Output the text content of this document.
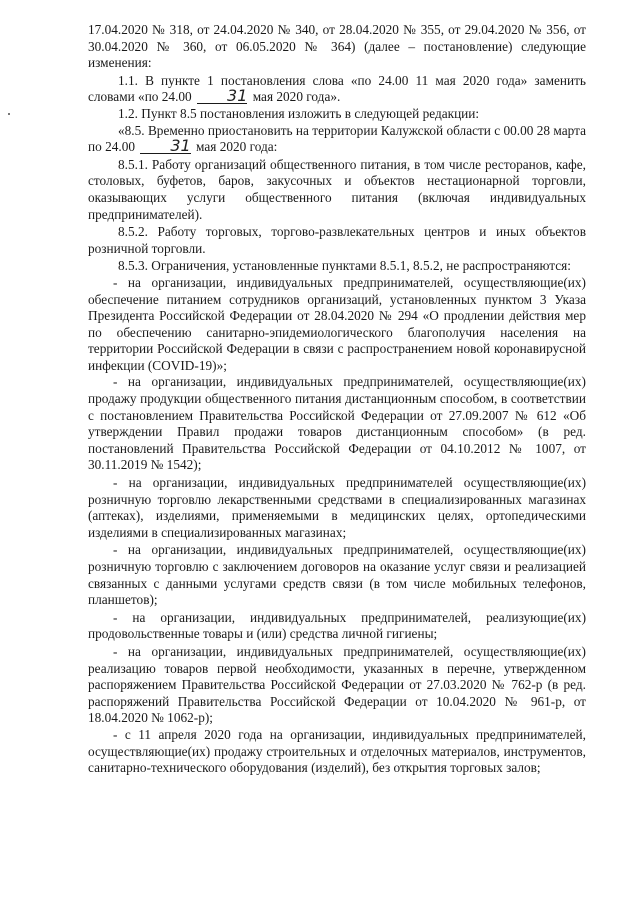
17.04.2020 № 318, от 24.04.2020 № 340, от 28.04.2020 № 355, от 29.04.2020 № 356, от 30.04.2020 № 360, от 06.05.2020 № 364) (далее – постановление) следующие изменения:

1.1. В пункте 1 постановления слова «по 24.00 11 мая 2020 года» заменить словами «по 24.00 31 мая 2020 года».

1.2. Пункт 8.5 постановления изложить в следующей редакции:

«8.5. Временно приостановить на территории Калужской области с 00.00 28 марта по 24.00 31 мая 2020 года:

8.5.1. Работу организаций общественного питания, в том числе ресторанов, кафе, столовых, буфетов, баров, закусочных и объектов нестационарной торговли, оказывающих услуги общественного питания (включая индивидуальных предпринимателей).

8.5.2. Работу торговых, торгово-развлекательных центров и иных объектов розничной торговли.

8.5.3. Ограничения, установленные пунктами 8.5.1, 8.5.2, не распространяются:

- на организации, индивидуальных предпринимателей, осуществляющие(их) обеспечение питанием сотрудников организаций, установленных пунктом 3 Указа Президента Российской Федерации от 28.04.2020 № 294 «О продлении действия мер по обеспечению санитарно-эпидемиологического благополучия населения на территории Российской Федерации в связи с распространением новой коронавирусной инфекции (COVID-19)»;

- на организации, индивидуальных предпринимателей, осуществляющие(их) продажу продукции общественного питания дистанционным способом, в соответствии с постановлением Правительства Российской Федерации от 27.09.2007 № 612 «Об утверждении Правил продажи товаров дистанционным способом» (в ред. постановлений Правительства Российской Федерации от 04.10.2012 № 1007, от 30.11.2019 № 1542);

- на организации, индивидуальных предпринимателей осуществляющие(их) розничную торговлю лекарственными средствами в специализированных магазинах (аптеках), изделиями, применяемыми в медицинских целях, ортопедическими изделиями в специализированных магазинах;

- на организации, индивидуальных предпринимателей, осуществляющие(их) розничную торговлю с заключением договоров на оказание услуг связи и реализацией связанных с данными услугами средств связи (в том числе мобильных телефонов, планшетов);

- на организации, индивидуальных предпринимателей, реализующие(их) продовольственные товары и (или) средства личной гигиены;

- на организации, индивидуальных предпринимателей, осуществляющие(их) реализацию товаров первой необходимости, указанных в перечне, утвержденном распоряжением Правительства Российской Федерации от 27.03.2020 № 762-р (в ред. распоряжений Правительства Российской Федерации от 10.04.2020 № 961-р, от 18.04.2020 № 1062-р);

- с 11 апреля 2020 года на организации, индивидуальных предпринимателей, осуществляющие(их) продажу строительных и отделочных материалов, инструментов, санитарно-технического оборудования (изделий), без открытия торговых залов;
